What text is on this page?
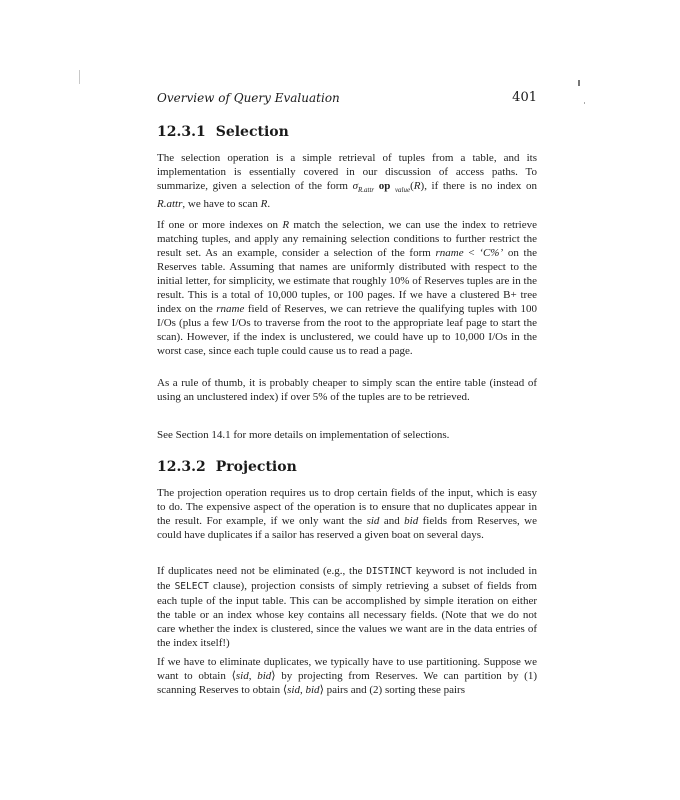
Overview of Query Evaluation	401
12.3.1 Selection

The selection operation is a simple retrieval of tuples from a table, and its implementation is essentially covered in our discussion of access paths. To summarize, given a selection of the form $\sigma_{R.attr}$ op $_{value}$(R), if there is no index on R.attr, we have to scan R.

If one or more indexes on R match the selection, we can use the index to retrieve matching tuples, and apply any remaining selection conditions to further restrict the result set. As an example, consider a selection of the form rname < ‘C%’ on the Reserves table. Assuming that names are uniformly distributed with respect to the initial letter, for simplicity, we estimate that roughly 10% of Reserves tuples are in the result. This is a total of 10,000 tuples, or 100 pages. If we have a clustered B+ tree index on the rname field of Reserves, we can retrieve the qualifying tuples with 100 I/Os (plus a few I/Os to traverse from the root to the appropriate leaf page to start the scan). However, if the index is unclustered, we could have up to 10,000 I/Os in the worst case, since each tuple could cause us to read a page.

As a rule of thumb, it is probably cheaper to simply scan the entire table (instead of using an unclustered index) if over 5% of the tuples are to be retrieved.

See Section 14.1 for more details on implementation of selections.

12.3.2 Projection

The projection operation requires us to drop certain fields of the input, which is easy to do. The expensive aspect of the operation is to ensure that no duplicates appear in the result. For example, if we only want the sid and bid fields from Reserves, we could have duplicates if a sailor has reserved a given boat on several days.

If duplicates need not be eliminated (e.g., the DISTINCT keyword is not included in the SELECT clause), projection consists of simply retrieving a subset of fields from each tuple of the input table. This can be accomplished by simple iteration on either the table or an index whose key contains all necessary fields. (Note that we do not care whether the index is clustered, since the values we want are in the data entries of the index itself!)

If we have to eliminate duplicates, we typically have to use partitioning. Suppose we want to obtain ⟨sid, bid⟩ by projecting from Reserves. We can partition by (1) scanning Reserves to obtain ⟨sid, bid⟩ pairs and (2) sorting these pairs
